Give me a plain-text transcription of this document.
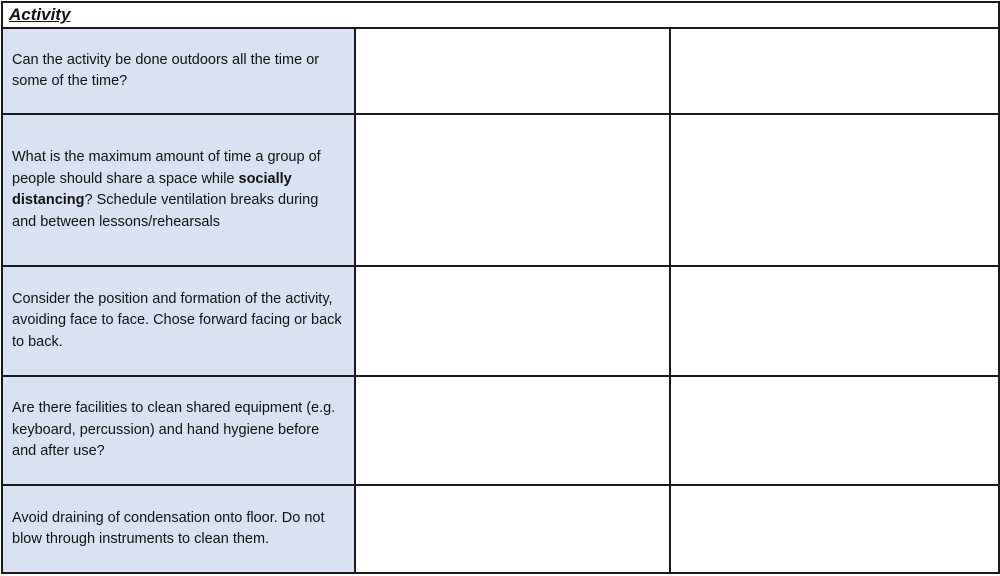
Activity		
Can the activity be done outdoors all the time or some of the time?		
What is the maximum amount of time a group of people should share a space while socially distancing? Schedule ventilation breaks during and between lessons/rehearsals		
Consider the position and formation of the activity, avoiding face to face. Chose forward facing or back to back.		
Are there facilities to clean shared equipment (e.g. keyboard, percussion) and hand hygiene before and after use?		
Avoid draining of condensation onto floor. Do not blow through instruments to clean them.		
